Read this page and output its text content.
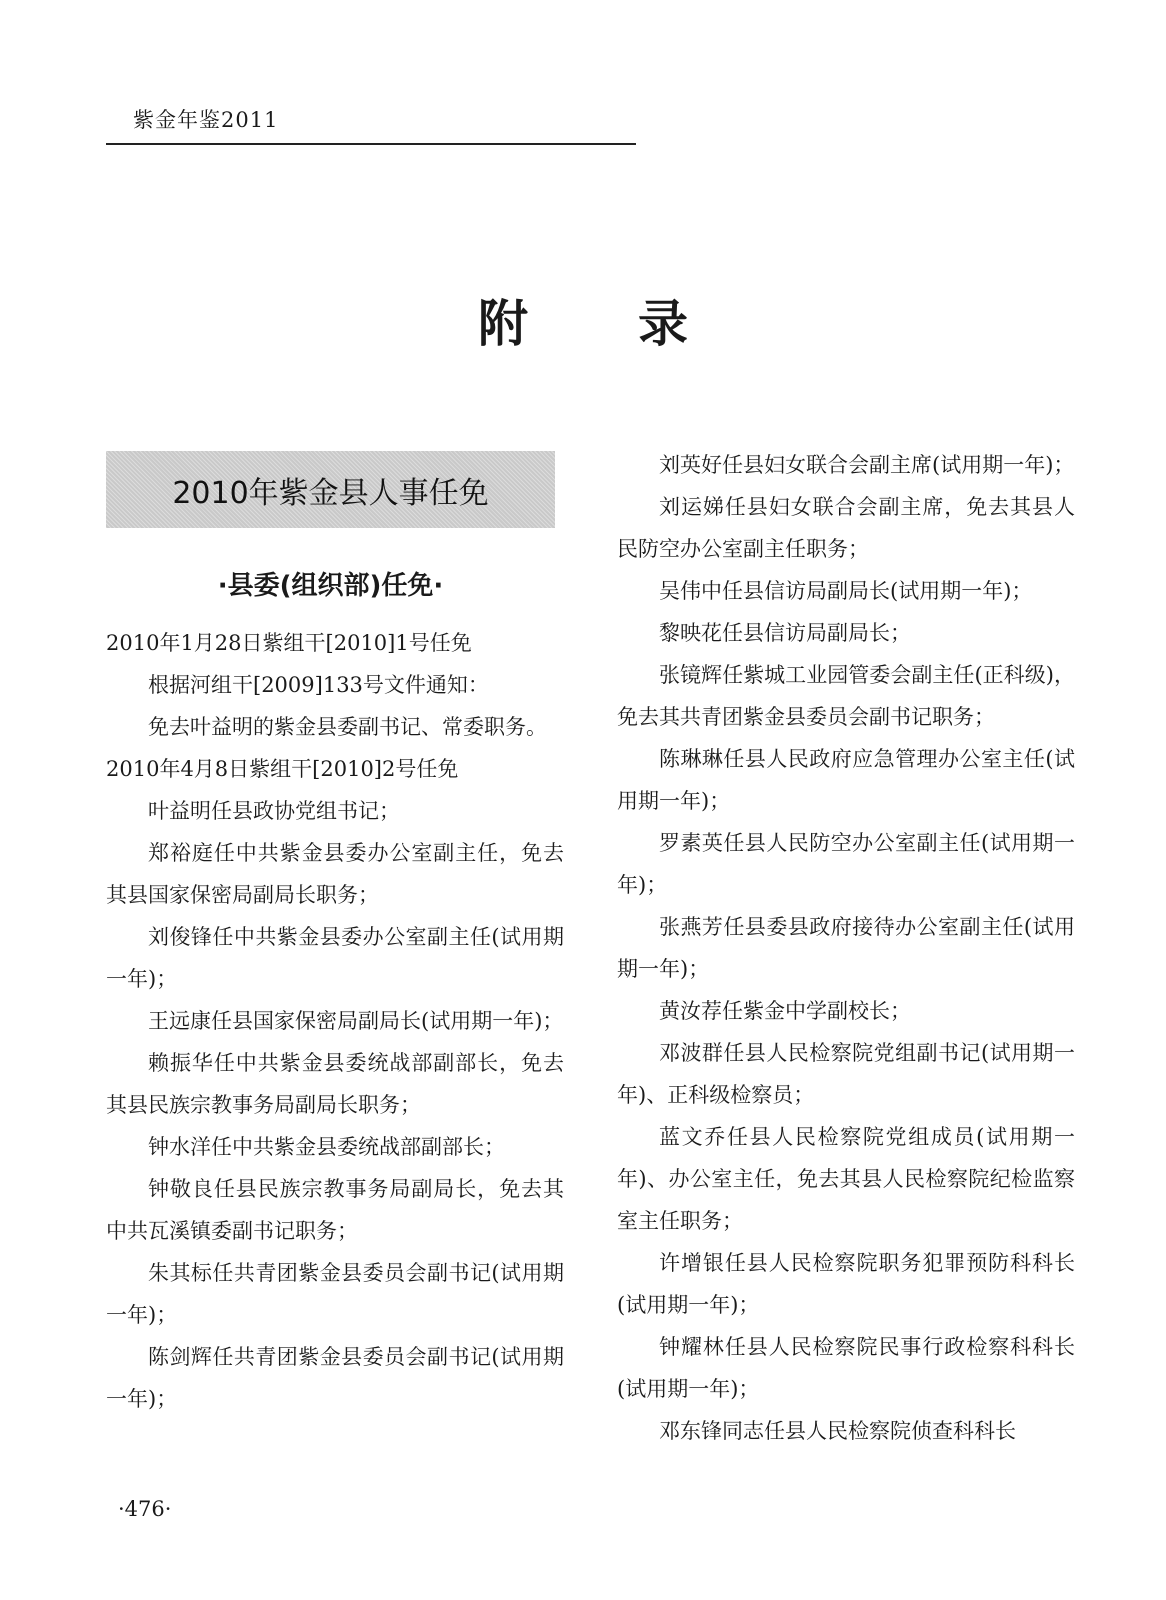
紫金年鉴2011
附 录
2010年紫金县人事任免
·县委(组织部)任免·

2010年1月28日紫组干[2010]1号任免

根据河组干[2009]133号文件通知：

免去叶益明的紫金县委副书记、常委职务。

2010年4月8日紫组干[2010]2号任免

叶益明任县政协党组书记；

郑裕庭任中共紫金县委办公室副主任，免去其县国家保密局副局长职务；

刘俊锋任中共紫金县委办公室副主任(试用期一年)；

王远康任县国家保密局副局长(试用期一年)；

赖振华任中共紫金县委统战部副部长，免去其县民族宗教事务局副局长职务；

钟水洋任中共紫金县委统战部副部长；

钟敬良任县民族宗教事务局副局长，免去其中共瓦溪镇委副书记职务；

朱其标任共青团紫金县委员会副书记(试用期一年)；

陈剑辉任共青团紫金县委员会副书记(试用期一年)；

刘英好任县妇女联合会副主席(试用期一年)；

刘运娣任县妇女联合会副主席，免去其县人民防空办公室副主任职务；

吴伟中任县信访局副局长(试用期一年)；

黎映花任县信访局副局长；

张镜辉任紫城工业园管委会副主任(正科级)，免去其共青团紫金县委员会副书记职务；

陈琳琳任县人民政府应急管理办公室主任(试用期一年)；

罗素英任县人民防空办公室副主任(试用期一年)；

张燕芳任县委县政府接待办公室副主任(试用期一年)；

黄汝荐任紫金中学副校长；

邓波群任县人民检察院党组副书记(试用期一年)、正科级检察员；

蓝文乔任县人民检察院党组成员(试用期一年)、办公室主任，免去其县人民检察院纪检监察室主任职务；

许增银任县人民检察院职务犯罪预防科科长(试用期一年)；

钟耀林任县人民检察院民事行政检察科科长(试用期一年)；

邓东锋同志任县人民检察院侦查科科长

·476·
